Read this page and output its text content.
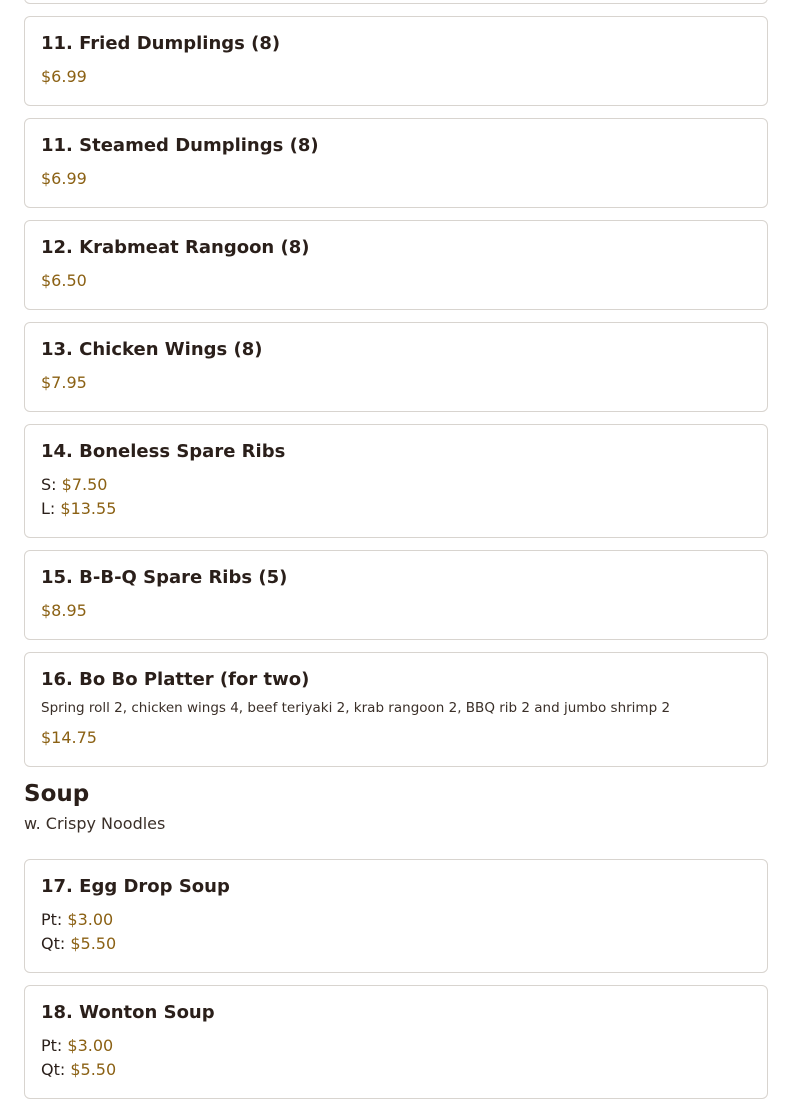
11. Fried Dumplings (8)
$6.99
11. Steamed Dumplings (8)
$6.99
12. Krabmeat Rangoon (8)
$6.50
13. Chicken Wings (8)
$7.95
14. Boneless Spare Ribs
S: $7.50
L: $13.55
15. B-B-Q Spare Ribs (5)
$8.95
16. Bo Bo Platter (for two)
Spring roll 2, chicken wings 4, beef teriyaki 2, krab rangoon 2, BBQ rib 2 and jumbo shrimp 2
$14.75
Soup
w. Crispy Noodles
17. Egg Drop Soup
Pt: $3.00
Qt: $5.50
18. Wonton Soup
Pt: $3.00
Qt: $5.50
